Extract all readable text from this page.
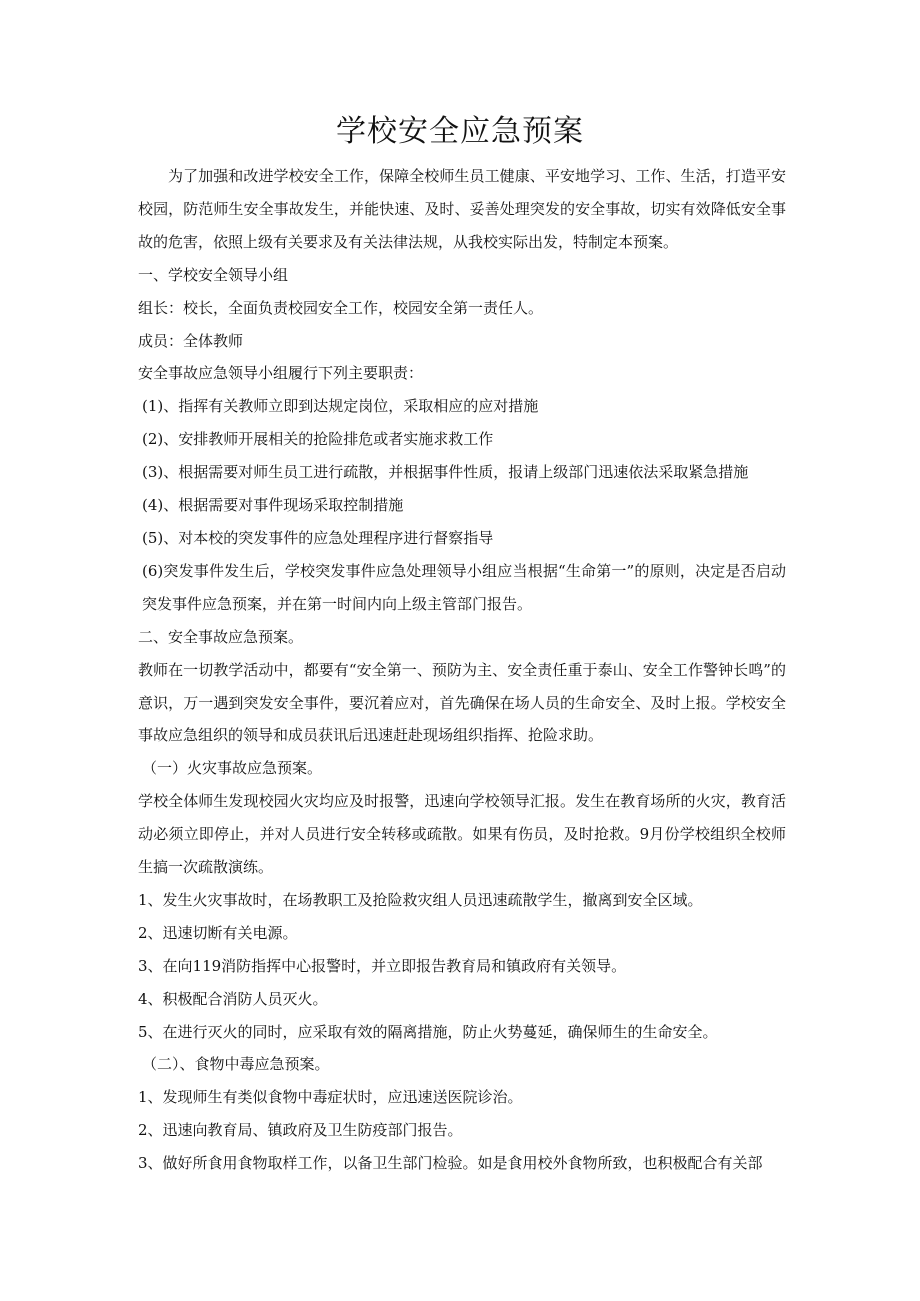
学校安全应急预案

为了加强和改进学校安全工作，保障全校师生员工健康、平安地学习、工作、生活，打造平安校园，防范师生安全事故发生，并能快速、及时、妥善处理突发的安全事故，切实有效降低安全事故的危害，依照上级有关要求及有关法律法规，从我校实际出发，特制定本预案。

一、学校安全领导小组

组长：校长，全面负责校园安全工作，校园安全第一责任人。

成员：全体教师

安全事故应急领导小组履行下列主要职责：

(1)、指挥有关教师立即到达规定岗位，采取相应的应对措施

(2)、安排教师开展相关的抢险排危或者实施求救工作

(3)、根据需要对师生员工进行疏散，并根据事件性质，报请上级部门迅速依法采取紧急措施

(4)、根据需要对事件现场采取控制措施

(5)、对本校的突发事件的应急处理程序进行督察指导

(6)突发事件发生后，学校突发事件应急处理领导小组应当根据“生命第一”的原则，决定是否启动突发事件应急预案，并在第一时间内向上级主管部门报告。

二、安全事故应急预案。

教师在一切教学活动中，都要有“安全第一、预防为主、安全责任重于泰山、安全工作警钟长鸣”的意识，万一遇到突发安全事件，要沉着应对，首先确保在场人员的生命安全、及时上报。学校安全事故应急组织的领导和成员获讯后迅速赶赴现场组织指挥、抢险求助。

（一）火灾事故应急预案。

学校全体师生发现校园火灾均应及时报警，迅速向学校领导汇报。发生在教育场所的火灾，教育活动必须立即停止，并对人员进行安全转移或疏散。如果有伤员，及时抢救。9月份学校组织全校师生搞一次疏散演练。

1、发生火灾事故时，在场教职工及抢险救灾组人员迅速疏散学生，撤离到安全区域。

2、迅速切断有关电源。

3、在向119消防指挥中心报警时，并立即报告教育局和镇政府有关领导。

4、积极配合消防人员灭火。

5、在进行灭火的同时，应采取有效的隔离措施，防止火势蔓延，确保师生的生命安全。

（二）、食物中毒应急预案。

1、发现师生有类似食物中毒症状时，应迅速送医院诊治。

2、迅速向教育局、镇政府及卫生防疫部门报告。

3、做好所食用食物取样工作，以备卫生部门检验。如是食用校外食物所致，也积极配合有关部
